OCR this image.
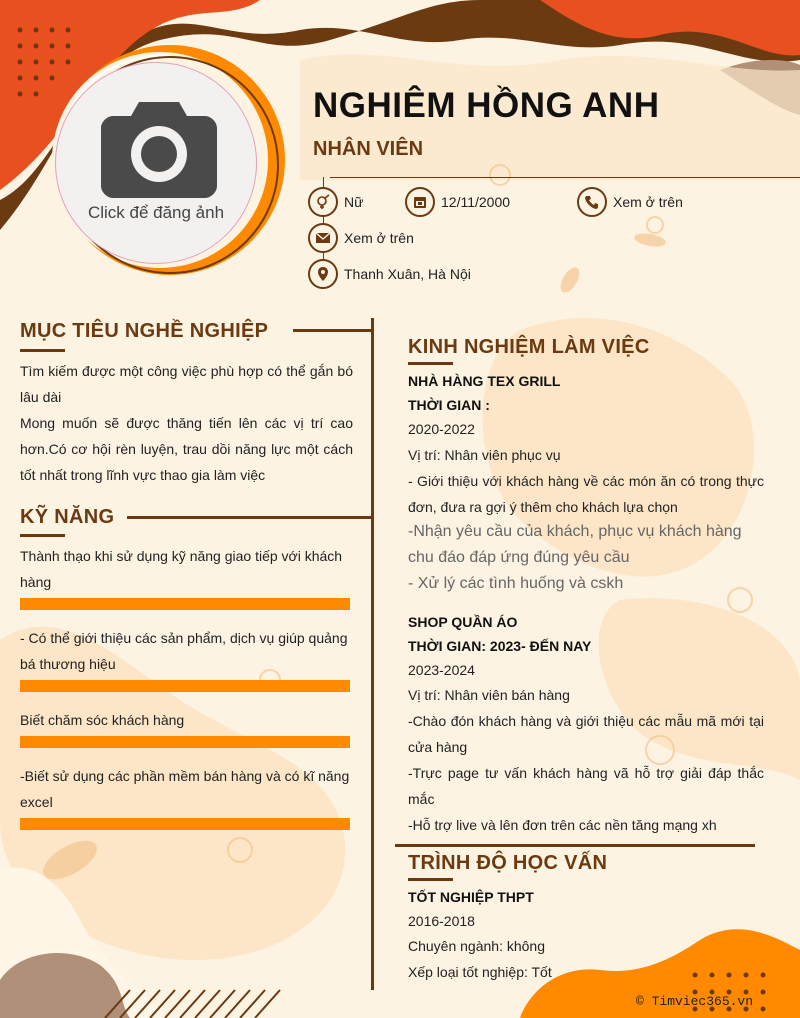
Click để đăng ảnh
NGHIÊM HỒNG ANH
NHÂN VIÊN
Nữ	12/11/2000	Xem ở trên
Xem ở trên
Thanh Xuân, Hà Nội
MỤC TIÊU NGHỀ NGHIỆP
Tìm kiếm được một công việc phù hợp có thể gắn bó lâu dài
Mong muốn sẽ được thăng tiến lên các vị trí cao hơn.Có cơ hội rèn luyện, trau dồi năng lực một cách tốt nhất trong lĩnh vực thao gia làm việc
KỸ NĂNG
Thành thạo khi sử dụng kỹ năng giao tiếp với khách hàng
- Có thể giới thiệu các sản phẩm, dịch vụ giúp quảng bá thương hiệu
Biết chăm sóc khách hàng
-Biết sử dụng các phần mềm bán hàng và có kĩ năng excel
KINH NGHIỆM LÀM VIỆC
NHÀ HÀNG TEX GRILL
THỜI GIAN :
2020-2022
Vị trí: Nhân viên phục vụ
- Giới thiệu với khách hàng về các món ăn có trong thực đơn, đưa ra gợi ý thêm cho khách lựa chọn
-Nhận yêu cầu của khách, phục vụ khách hàng chu đáo đáp ứng đúng yêu cầu
- Xử lý các tình huống và cskh
SHOP QUẦN ÁO
THỜI GIAN: 2023- ĐẾN NAY
2023-2024
Vị trí: Nhân viên bán hàng
-Chào đón khách hàng và giới thiệu các mẫu mã mới tại cửa hàng
-Trực page tư vấn khách hàng vã hỗ trợ giải đáp thắc mắc
-Hỗ trợ live và lên đơn trên các nền tăng mạng xh
TRÌNH ĐỘ HỌC VẤN
TỐT NGHIỆP THPT
2016-2018
Chuyên ngành: không
Xếp loại tốt nghiệp: Tốt
© Timviec365.vn
